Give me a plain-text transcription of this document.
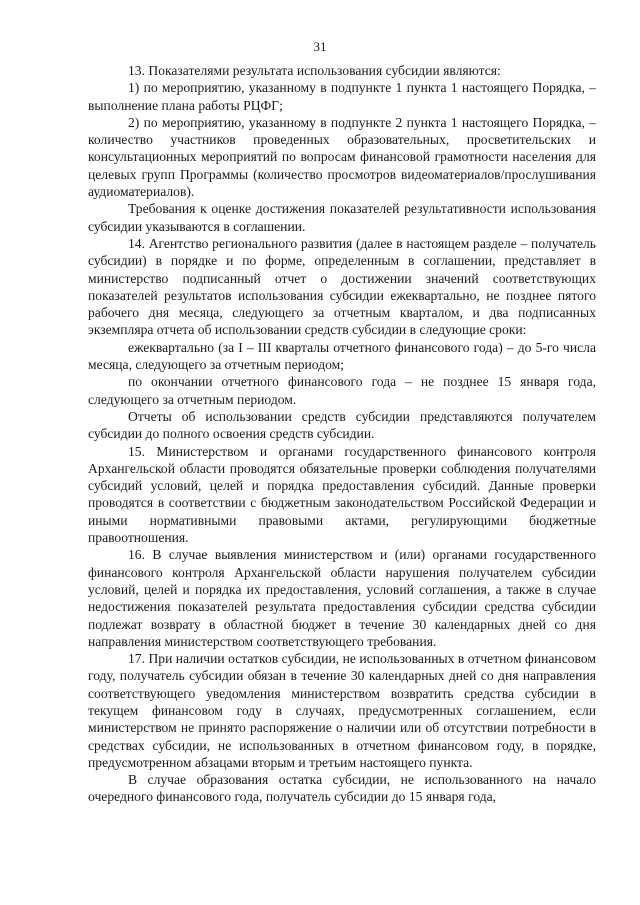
31

13. Показателями результата использования субсидии являются:

1) по мероприятию, указанному в подпункте 1 пункта 1 настоящего Порядка, – выполнение плана работы РЦФГ;

2) по мероприятию, указанному в подпункте 2 пункта 1 настоящего Порядка, – количество участников проведенных образовательных, просветительских и консультационных мероприятий по вопросам финансовой грамотности населения для целевых групп Программы (количество просмотров видеоматериалов/прослушивания аудиоматериалов).

Требования к оценке достижения показателей результативности использования субсидии указываются в соглашении.

14. Агентство регионального развития (далее в настоящем разделе – получатель субсидии) в порядке и по форме, определенным в соглашении, представляет в министерство подписанный отчет о достижении значений соответствующих показателей результатов использования субсидии ежеквартально, не позднее пятого рабочего дня месяца, следующего за отчетным кварталом, и два подписанных экземпляра отчета об использовании средств субсидии в следующие сроки:

ежеквартально (за I – III кварталы отчетного финансового года) – до 5-го числа месяца, следующего за отчетным периодом;

по окончании отчетного финансового года – не позднее 15 января года, следующего за отчетным периодом.

Отчеты об использовании средств субсидии представляются получателем субсидии до полного освоения средств субсидии.

15. Министерством и органами государственного финансового контроля Архангельской области проводятся обязательные проверки соблюдения получателями субсидий условий, целей и порядка предоставления субсидий. Данные проверки проводятся в соответствии с бюджетным законодательством Российской Федерации и иными нормативными правовыми актами, регулирующими бюджетные правоотношения.

16. В случае выявления министерством и (или) органами государственного финансового контроля Архангельской области нарушения получателем субсидии условий, целей и порядка их предоставления, условий соглашения, а также в случае недостижения показателей результата предоставления субсидии средства субсидии подлежат возврату в областной бюджет в течение 30 календарных дней со дня направления министерством соответствующего требования.

17. При наличии остатков субсидии, не использованных в отчетном финансовом году, получатель субсидии обязан в течение 30 календарных дней со дня направления соответствующего уведомления министерством возвратить средства субсидии в текущем финансовом году в случаях, предусмотренных соглашением, если министерством не принято распоряжение о наличии или об отсутствии потребности в средствах субсидии, не использованных в отчетном финансовом году, в порядке, предусмотренном абзацами вторым и третьим настоящего пункта.

В случае образования остатка субсидии, не использованного на начало очередного финансового года, получатель субсидии до 15 января года,
